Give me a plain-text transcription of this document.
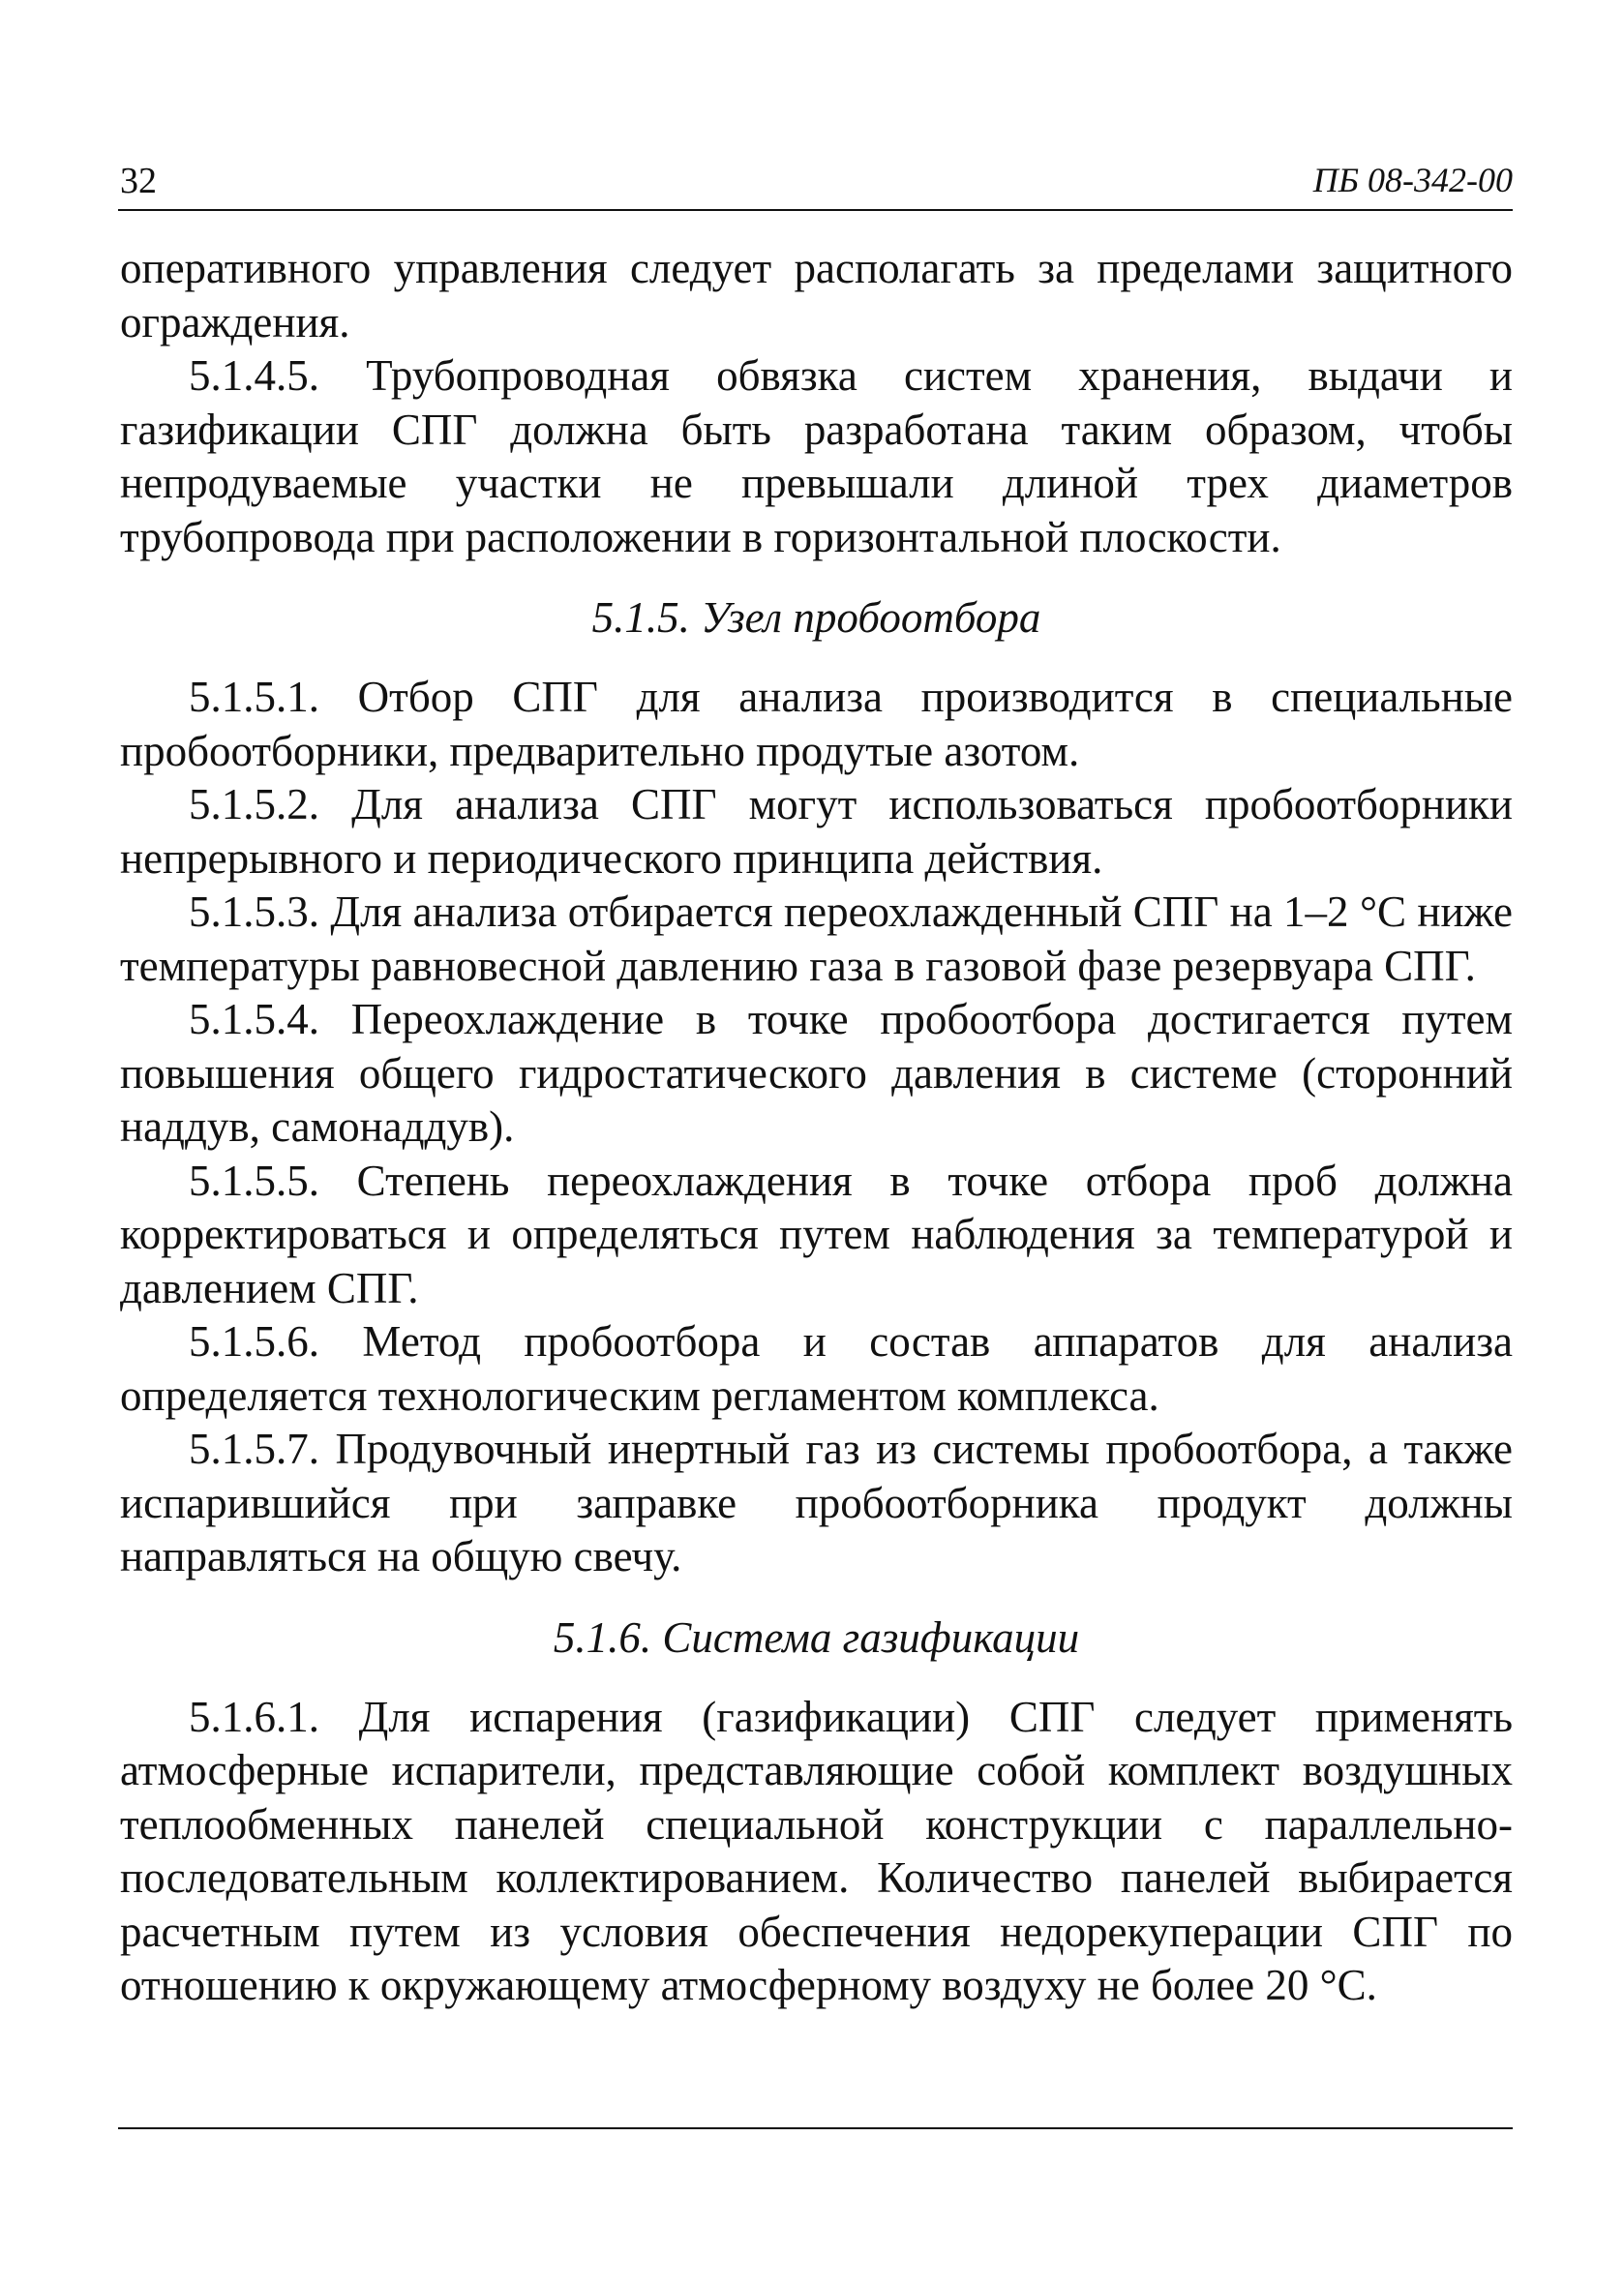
32	ПБ 08-342-00

оперативного управления следует располагать за пределами защитного ограждения.

5.1.4.5. Трубопроводная обвязка систем хранения, выдачи и газификации СПГ должна быть разработана таким образом, чтобы непродуваемые участки не превышали длиной трех диаметров трубопровода при расположении в горизонтальной плоскости.

5.1.5. Узел пробоотбора

5.1.5.1. Отбор СПГ для анализа производится в специальные пробоотборники, предварительно продутые азотом.

5.1.5.2. Для анализа СПГ могут использоваться пробоотборники непрерывного и периодического принципа действия.

5.1.5.3. Для анализа отбирается переохлажденный СПГ на 1–2 °С ниже температуры равновесной давлению газа в газовой фазе резервуара СПГ.

5.1.5.4. Переохлаждение в точке пробоотбора достигается путем повышения общего гидростатического давления в системе (сторонний наддув, самонаддув).

5.1.5.5. Степень переохлаждения в точке отбора проб должна корректироваться и определяться путем наблюдения за температурой и давлением СПГ.

5.1.5.6. Метод пробоотбора и состав аппаратов для анализа определяется технологическим регламентом комплекса.

5.1.5.7. Продувочный инертный газ из системы пробоотбора, а также испарившийся при заправке пробоотборника продукт должны направляться на общую свечу.

5.1.6. Система газификации

5.1.6.1. Для испарения (газификации) СПГ следует применять атмосферные испарители, представляющие собой комплект воздушных теплообменных панелей специальной конструкции с параллельно-последовательным коллектированием. Количество панелей выбирается расчетным путем из условия обеспечения недорекуперации СПГ по отношению к окружающему атмосферному воздуху не более 20 °С.
